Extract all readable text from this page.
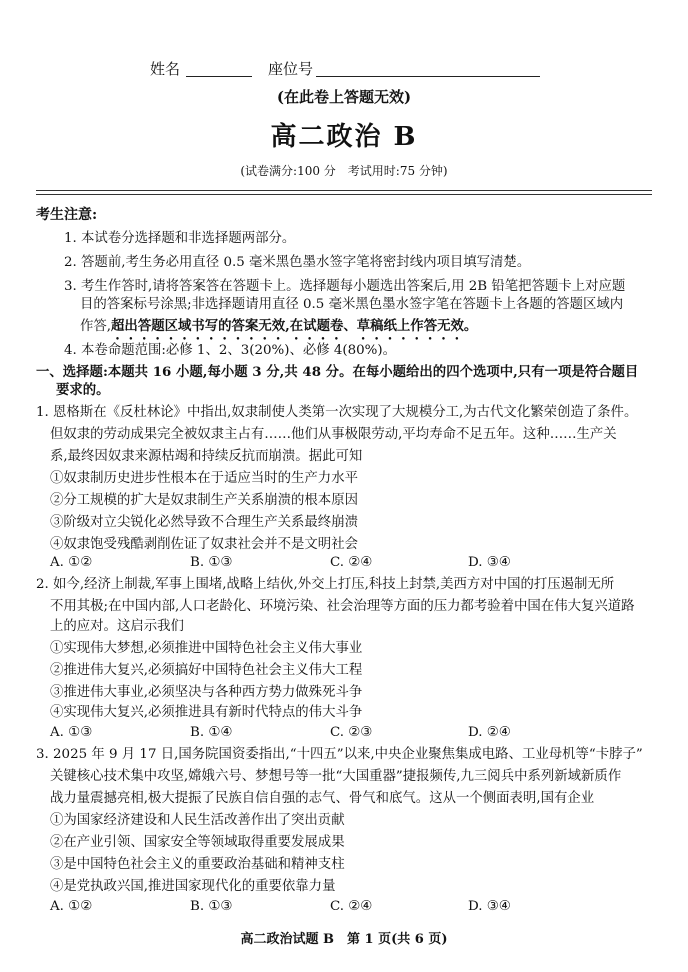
姓名	座位号
(在此卷上答题无效)
高二政治 B
(试卷满分:100 分　考试用时:75 分钟)
考生注意:
1. 本试卷分选择题和非选择题两部分。
2. 答题前,考生务必用直径 0.5 毫米黑色墨水签字笔将密封线内项目填写清楚。
3. 考生作答时,请将答案答在答题卡上。选择题每小题选出答案后,用 2B 铅笔把答题卡上对应题
目的答案标号涂黑;非选择题请用直径 0.5 毫米黑色墨水签字笔在答题卡上各题的答题区域内
作答,超出答题区域书写的答案无效,在试题卷、草稿纸上作答无效。
4. 本卷命题范围:必修 1、2、3(20%)、必修 4(80%)。
一、选择题:本题共 16 小题,每小题 3 分,共 48 分。在每小题给出的四个选项中,只有一项是符合题目
要求的。
1. 恩格斯在《反杜林论》中指出,奴隶制使人类第一次实现了大规模分工,为古代文化繁荣创造了条件。
但奴隶的劳动成果完全被奴隶主占有……他们从事极限劳动,平均寿命不足五年。这种……生产关
系,最终因奴隶来源枯竭和持续反抗而崩溃。据此可知
①奴隶制历史进步性根本在于适应当时的生产力水平
②分工规模的扩大是奴隶制生产关系崩溃的根本原因
③阶级对立尖锐化必然导致不合理生产关系最终崩溃
④奴隶饱受残酷剥削佐证了奴隶社会并不是文明社会
A. ①②	B. ①③	C. ②④	D. ③④
2. 如今,经济上制裁,军事上围堵,战略上结伙,外交上打压,科技上封禁,美西方对中国的打压遏制无所
不用其极;在中国内部,人口老龄化、环境污染、社会治理等方面的压力都考验着中国在伟大复兴道路
上的应对。这启示我们
①实现伟大梦想,必须推进中国特色社会主义伟大事业
②推进伟大复兴,必须搞好中国特色社会主义伟大工程
③推进伟大事业,必须坚决与各种西方势力做殊死斗争
④实现伟大复兴,必须推进具有新时代特点的伟大斗争
A. ①③	B. ①④	C. ②③	D. ②④
3. 2025 年 9 月 17 日,国务院国资委指出,“十四五”以来,中央企业聚焦集成电路、工业母机等“卡脖子”
关键核心技术集中攻坚,嫦娥六号、梦想号等一批“大国重器”捷报频传,九三阅兵中系列新域新质作
战力量震撼亮相,极大提振了民族自信自强的志气、骨气和底气。这从一个侧面表明,国有企业
①为国家经济建设和人民生活改善作出了突出贡献
②在产业引领、国家安全等领域取得重要发展成果
③是中国特色社会主义的重要政治基础和精神支柱
④是党执政兴国,推进国家现代化的重要依靠力量
A. ①②	B. ①③	C. ②④	D. ③④
高二政治试题 B　第 1 页(共 6 页)
